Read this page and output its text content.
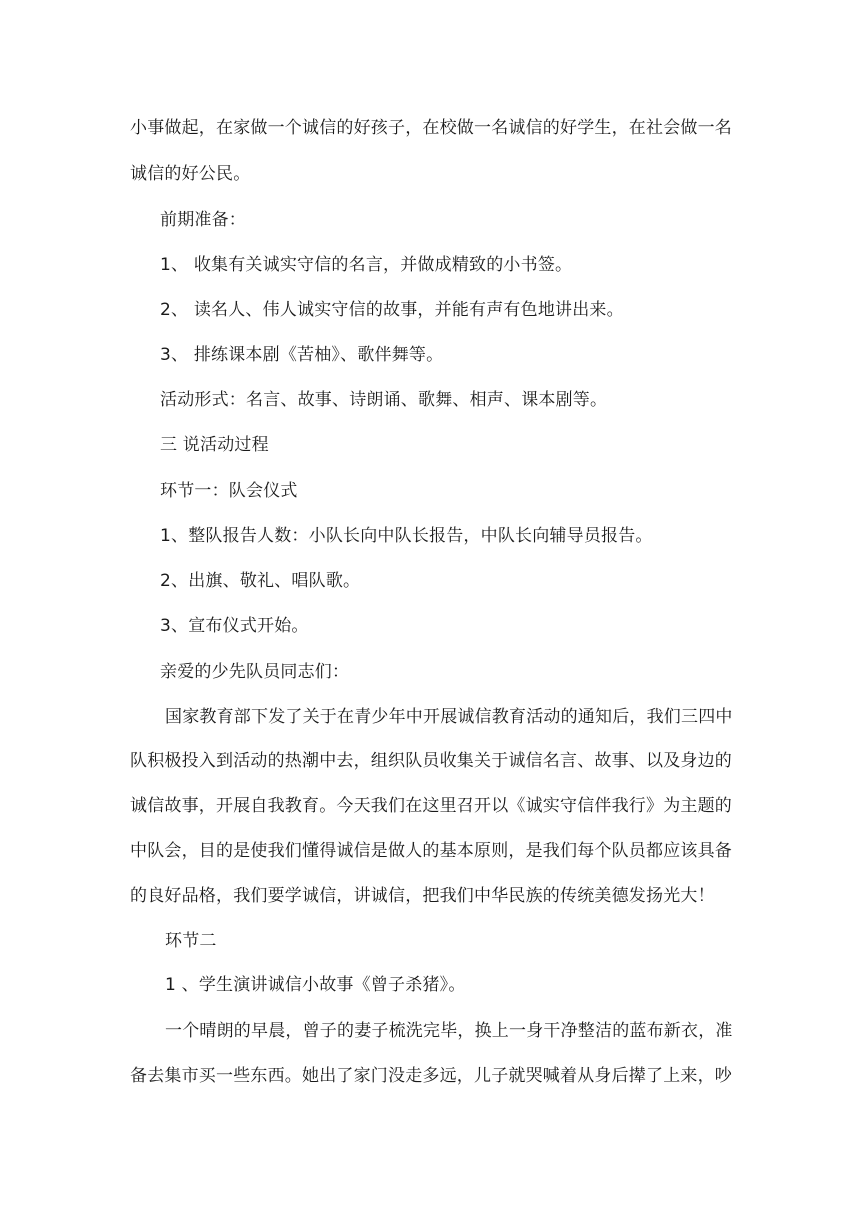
小事做起，在家做一个诚信的好孩子，在校做一名诚信的好学生，在社会做一名
诚信的好公民。
前期准备：
1、 收集有关诚实守信的名言，并做成精致的小书签。
2、 读名人、伟人诚实守信的故事，并能有声有色地讲出来。
3、 排练课本剧《苦柚》、歌伴舞等。
活动形式：名言、故事、诗朗诵、歌舞、相声、课本剧等。
三 说活动过程
环节一：队会仪式
1、整队报告人数：小队长向中队长报告，中队长向辅导员报告。
2、出旗、敬礼、唱队歌。
3、宣布仪式开始。
亲爱的少先队员同志们：
国家教育部下发了关于在青少年中开展诚信教育活动的通知后，我们三四中
队积极投入到活动的热潮中去，组织队员收集关于诚信名言、故事、以及身边的
诚信故事，开展自我教育。今天我们在这里召开以《诚实守信伴我行》为主题的
中队会，目的是使我们懂得诚信是做人的基本原则，是我们每个队员都应该具备
的良好品格，我们要学诚信，讲诚信，把我们中华民族的传统美德发扬光大！
环节二
1 、学生演讲诚信小故事《曾子杀猪》。
一个晴朗的早晨，曾子的妻子梳洗完毕，换上一身干净整洁的蓝布新衣，准
备去集市买一些东西。她出了家门没走多远，儿子就哭喊着从身后撵了上来，吵
